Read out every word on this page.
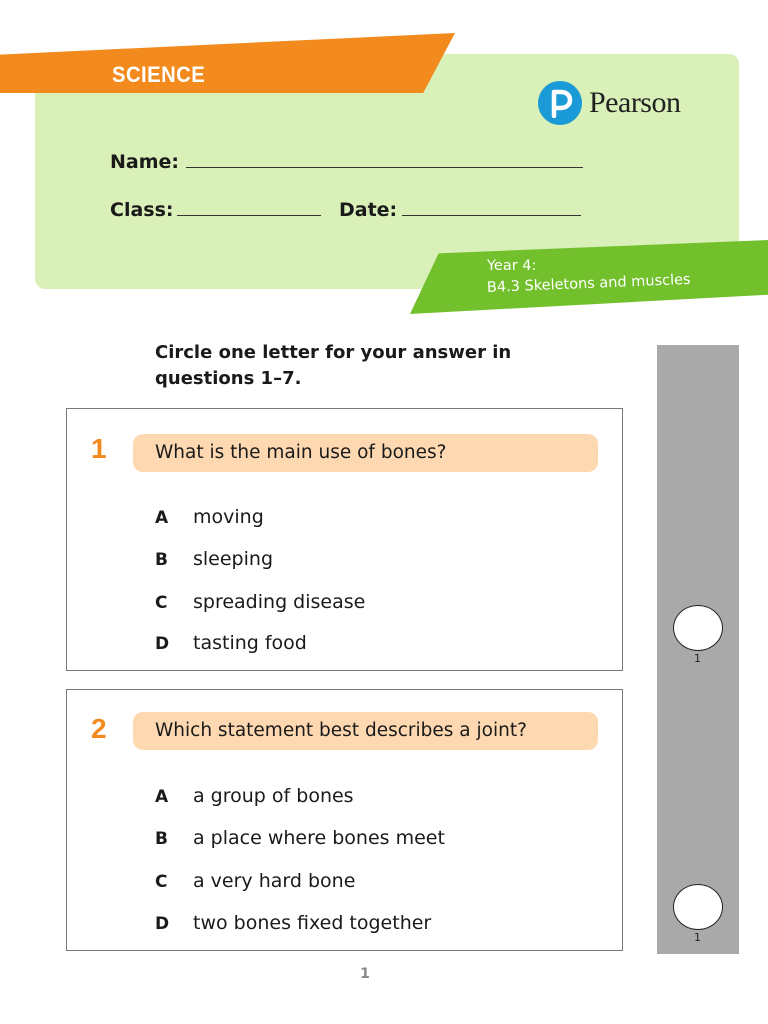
SCIENCE
Pearson
Name:
Class:	Date:
Year 4:
B4.3 Skeletons and muscles
Circle one letter for your answer in questions 1–7.
1	What is the main use of bones?
A moving
B sleeping
C spreading disease
D tasting food
2	Which statement best describes a joint?
A a group of bones
B a place where bones meet
C a very hard bone
D two bones fixed together
1
1
1
